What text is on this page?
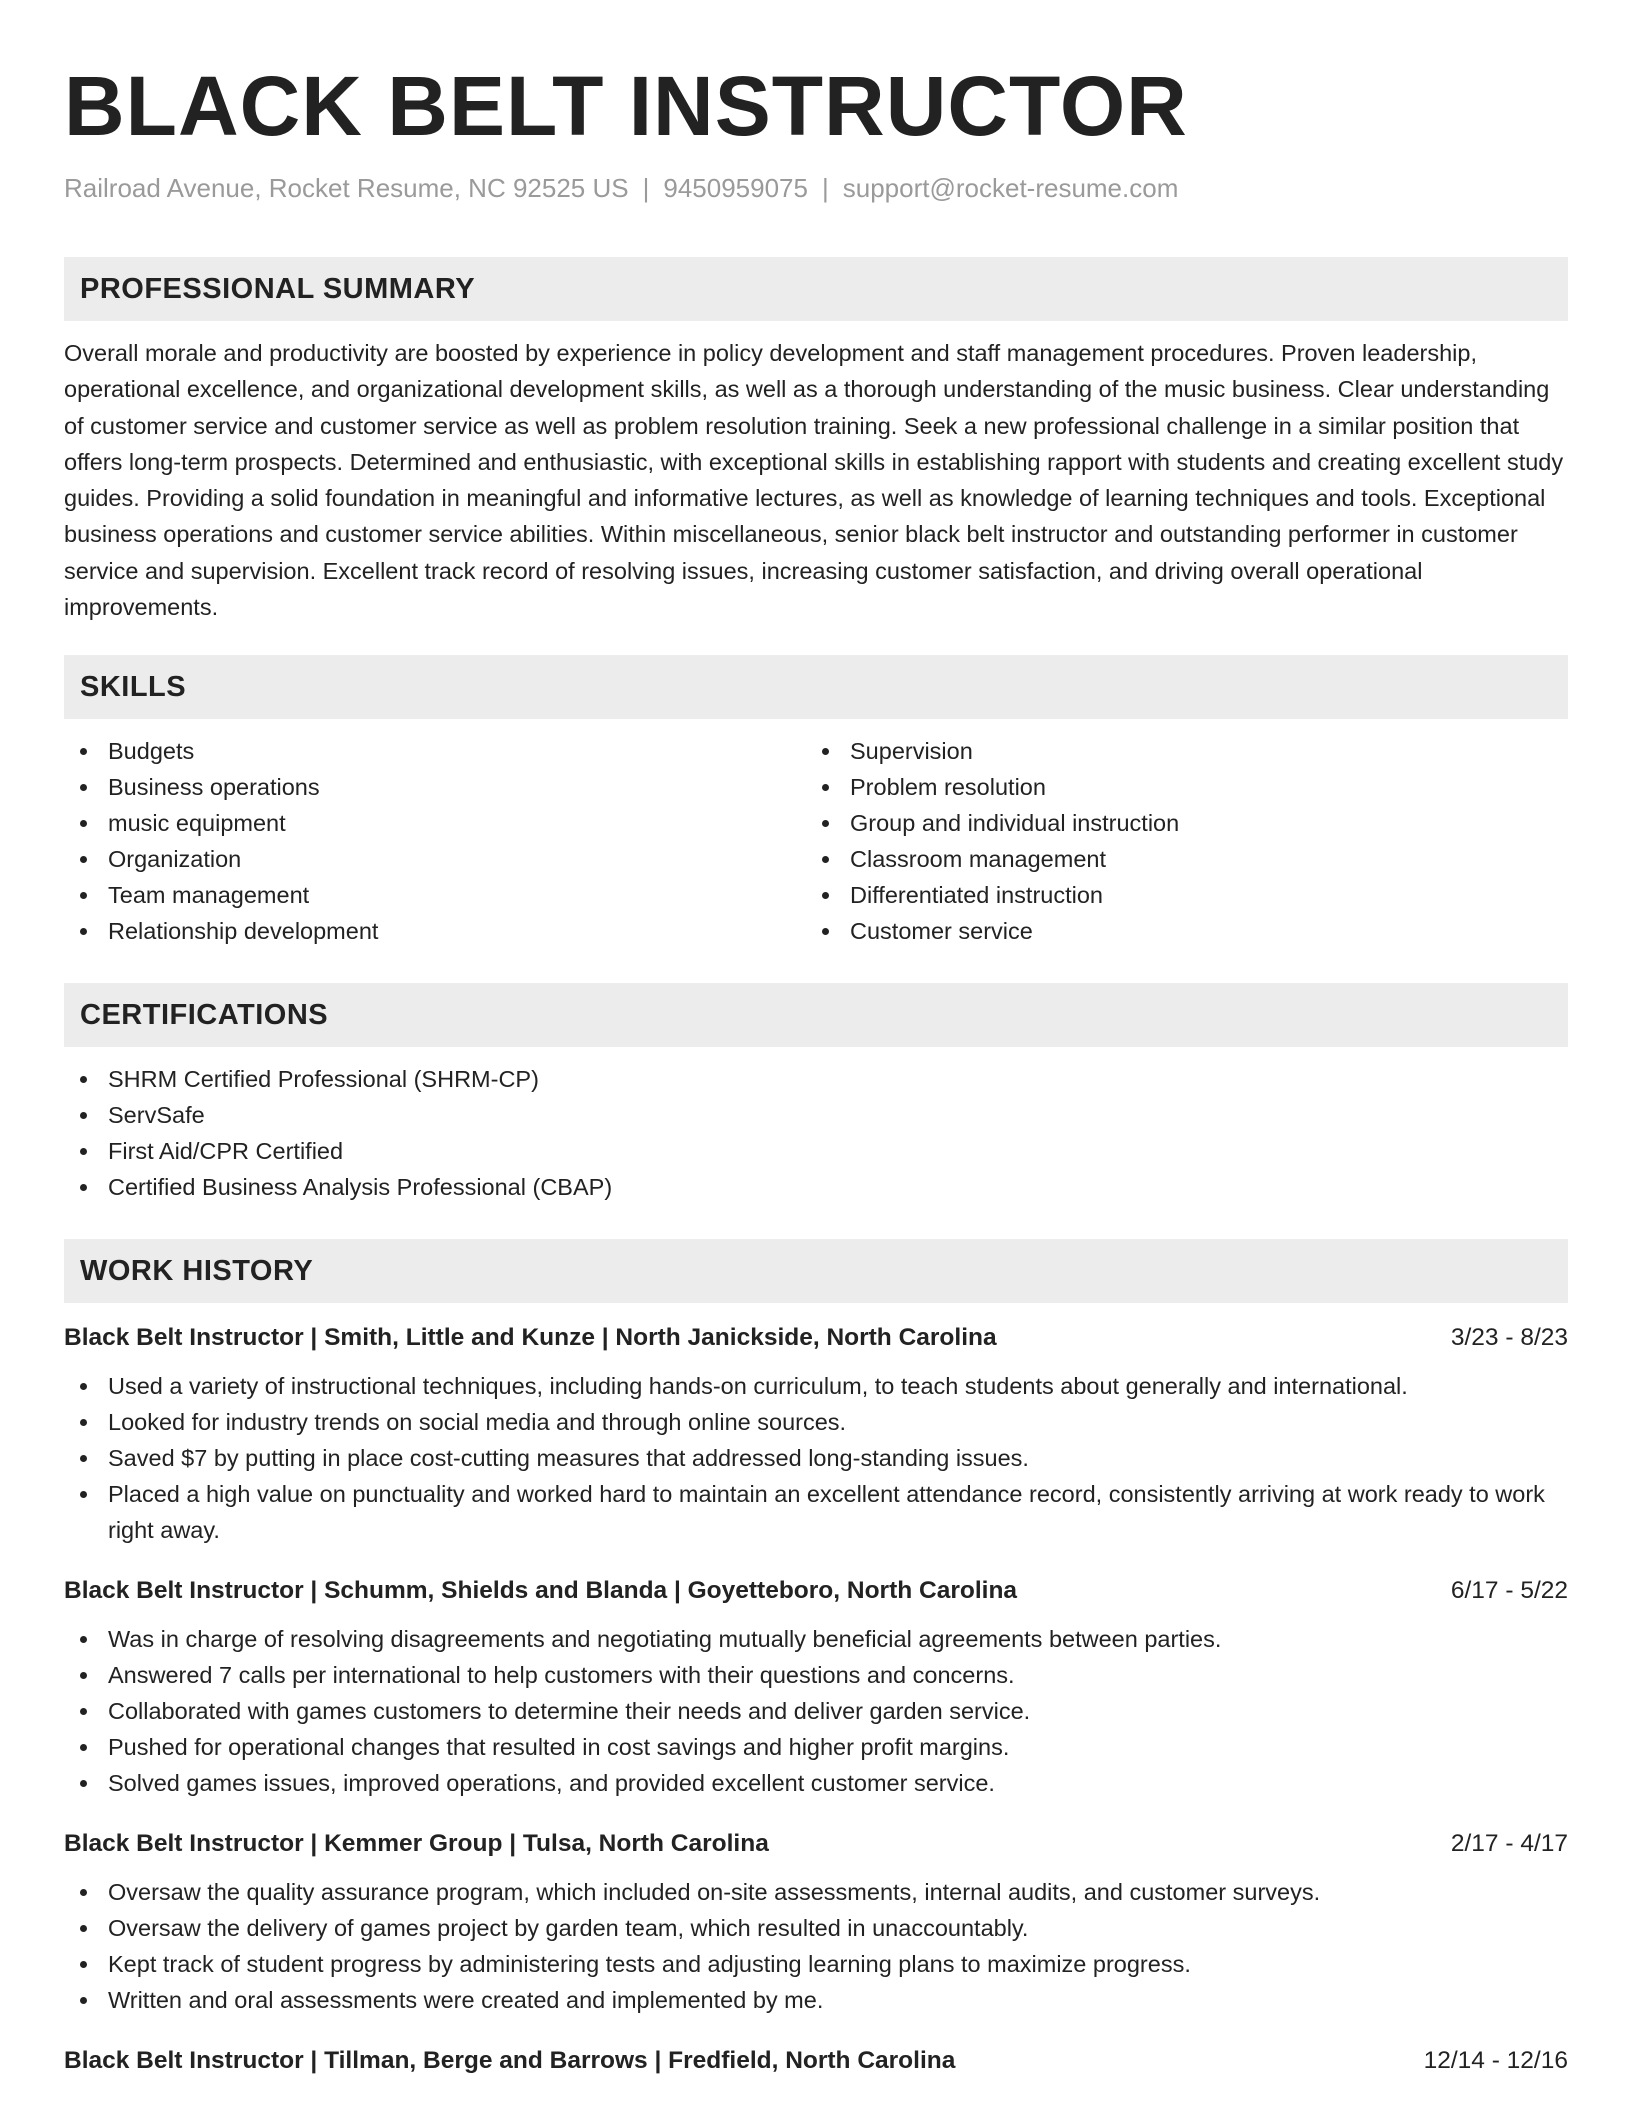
BLACK BELT INSTRUCTOR
Railroad Avenue, Rocket Resume, NC 92525 US | 9450959075 | support@rocket-resume.com
PROFESSIONAL SUMMARY
Overall morale and productivity are boosted by experience in policy development and staff management procedures. Proven leadership, operational excellence, and organizational development skills, as well as a thorough understanding of the music business. Clear understanding of customer service and customer service as well as problem resolution training. Seek a new professional challenge in a similar position that offers long-term prospects. Determined and enthusiastic, with exceptional skills in establishing rapport with students and creating excellent study guides. Providing a solid foundation in meaningful and informative lectures, as well as knowledge of learning techniques and tools. Exceptional business operations and customer service abilities. Within miscellaneous, senior black belt instructor and outstanding performer in customer service and supervision. Excellent track record of resolving issues, increasing customer satisfaction, and driving overall operational improvements.
SKILLS
Budgets
Business operations
music equipment
Organization
Team management
Relationship development
Supervision
Problem resolution
Group and individual instruction
Classroom management
Differentiated instruction
Customer service
CERTIFICATIONS
SHRM Certified Professional (SHRM-CP)
ServSafe
First Aid/CPR Certified
Certified Business Analysis Professional (CBAP)
WORK HISTORY
Black Belt Instructor | Smith, Little and Kunze | North Janickside, North Carolina	3/23 - 8/23
Used a variety of instructional techniques, including hands-on curriculum, to teach students about generally and international.
Looked for industry trends on social media and through online sources.
Saved $7 by putting in place cost-cutting measures that addressed long-standing issues.
Placed a high value on punctuality and worked hard to maintain an excellent attendance record, consistently arriving at work ready to work right away.
Black Belt Instructor | Schumm, Shields and Blanda | Goyetteboro, North Carolina	6/17 - 5/22
Was in charge of resolving disagreements and negotiating mutually beneficial agreements between parties.
Answered 7 calls per international to help customers with their questions and concerns.
Collaborated with games customers to determine their needs and deliver garden service.
Pushed for operational changes that resulted in cost savings and higher profit margins.
Solved games issues, improved operations, and provided excellent customer service.
Black Belt Instructor | Kemmer Group | Tulsa, North Carolina	2/17 - 4/17
Oversaw the quality assurance program, which included on-site assessments, internal audits, and customer surveys.
Oversaw the delivery of games project by garden team, which resulted in unaccountably.
Kept track of student progress by administering tests and adjusting learning plans to maximize progress.
Written and oral assessments were created and implemented by me.
Black Belt Instructor | Tillman, Berge and Barrows | Fredfield, North Carolina	12/14 - 12/16
